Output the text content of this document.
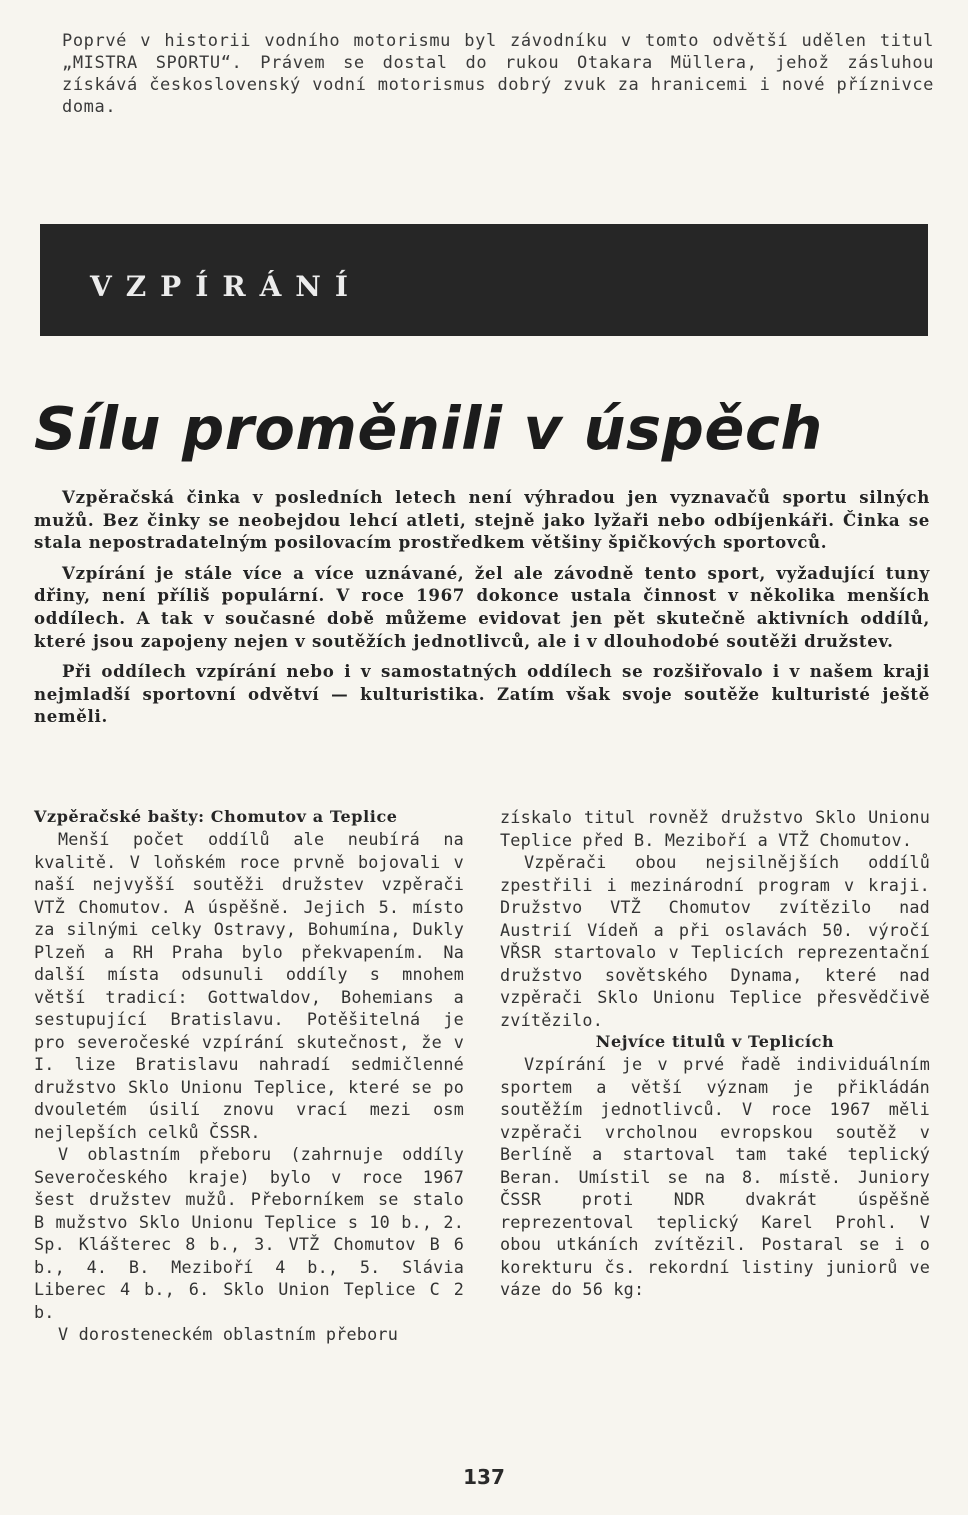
Poprvé v historii vodního motorismu byl závodníku v tomto odvětší udělen titul „MISTRA SPORTU“. Právem se dostal do rukou Otakara Müllera, jehož zásluhou získává československý vodní motorismus dobrý zvuk za hranicemi i nové příznivce doma.
VZPÍRÁNÍ
Sílu proměnili v úspěch

Vzpěračská činka v posledních letech není výhradou jen vyznavačů sportu silných mužů. Bez činky se neobejdou lehcí atleti, stejně jako lyžaři nebo odbíjenkáři. Činka se stala nepostradatelným posilovacím prostředkem většiny špičkových sportovců.

Vzpírání je stále více a více uznávané, žel ale závodně tento sport, vyžadující tuny dřiny, není příliš populární. V roce 1967 dokonce ustala činnost v několika menších oddílech. A tak v současné době můžeme evidovat jen pět skutečně aktivních oddílů, které jsou zapojeny nejen v soutěžích jednotlivců, ale i v dlouhodobé soutěži družstev.

Při oddílech vzpírání nebo i v samostatných oddílech se rozšiřovalo i v našem kraji nejmladší sportovní odvětví — kulturistika. Zatím však svoje soutěže kulturisté ještě neměli.

Vzpěračské bašty: Chomutov a Teplice

Menší počet oddílů ale neubírá na kvalitě. V loňském roce prvně bojovali v naší nejvyšší soutěži družstev vzpěrači VTŽ Chomutov. A úspěšně. Jejich 5. místo za silnými celky Ostravy, Bohumína, Dukly Plzeň a RH Praha bylo překvapením. Na další místa odsunuli oddíly s mnohem větší tradicí: Gottwaldov, Bohemians a sestupující Bratislavu. Potěšitelná je pro severočeské vzpírání skutečnost, že v I. lize Bratislavu nahradí sedmičlenné družstvo Sklo Unionu Teplice, které se po dvouletém úsilí znovu vrací mezi osm nejlepších celků ČSSR.

V oblastním přeboru (zahrnuje oddíly Severočeského kraje) bylo v roce 1967 šest družstev mužů. Přeborníkem se stalo B mužstvo Sklo Unionu Teplice s 10 b., 2. Sp. Klášterec 8 b., 3. VTŽ Chomutov B 6 b., 4. B. Meziboří 4 b., 5. Slávia Liberec 4 b., 6. Sklo Union Teplice C 2 b.

V dorosteneckém oblastním přeboru

získalo titul rovněž družstvo Sklo Unionu Teplice před B. Meziboří a VTŽ Chomutov.

Vzpěrači obou nejsilnějších oddílů zpestřili i mezinárodní program v kraji. Družstvo VTŽ Chomutov zvítězilo nad Austrií Vídeň a při oslavách 50. výročí VŘSR startovalo v Teplicích reprezentační družstvo sovětského Dynama, které nad vzpěrači Sklo Unionu Teplice přesvědčivě zvítězilo.

Nejvíce titulů v Teplicích

Vzpírání je v prvé řadě individuálním sportem a větší význam je přikládán soutěžím jednotlivců. V roce 1967 měli vzpěrači vrcholnou evropskou soutěž v Berlíně a startoval tam také teplický Beran. Umístil se na 8. místě. Juniory ČSSR proti NDR dvakrát úspěšně reprezentoval teplický Karel Prohl. V obou utkáních zvítězil. Postaral se i o korekturu čs. rekordní listiny juniorů ve váze do 56 kg:

137
